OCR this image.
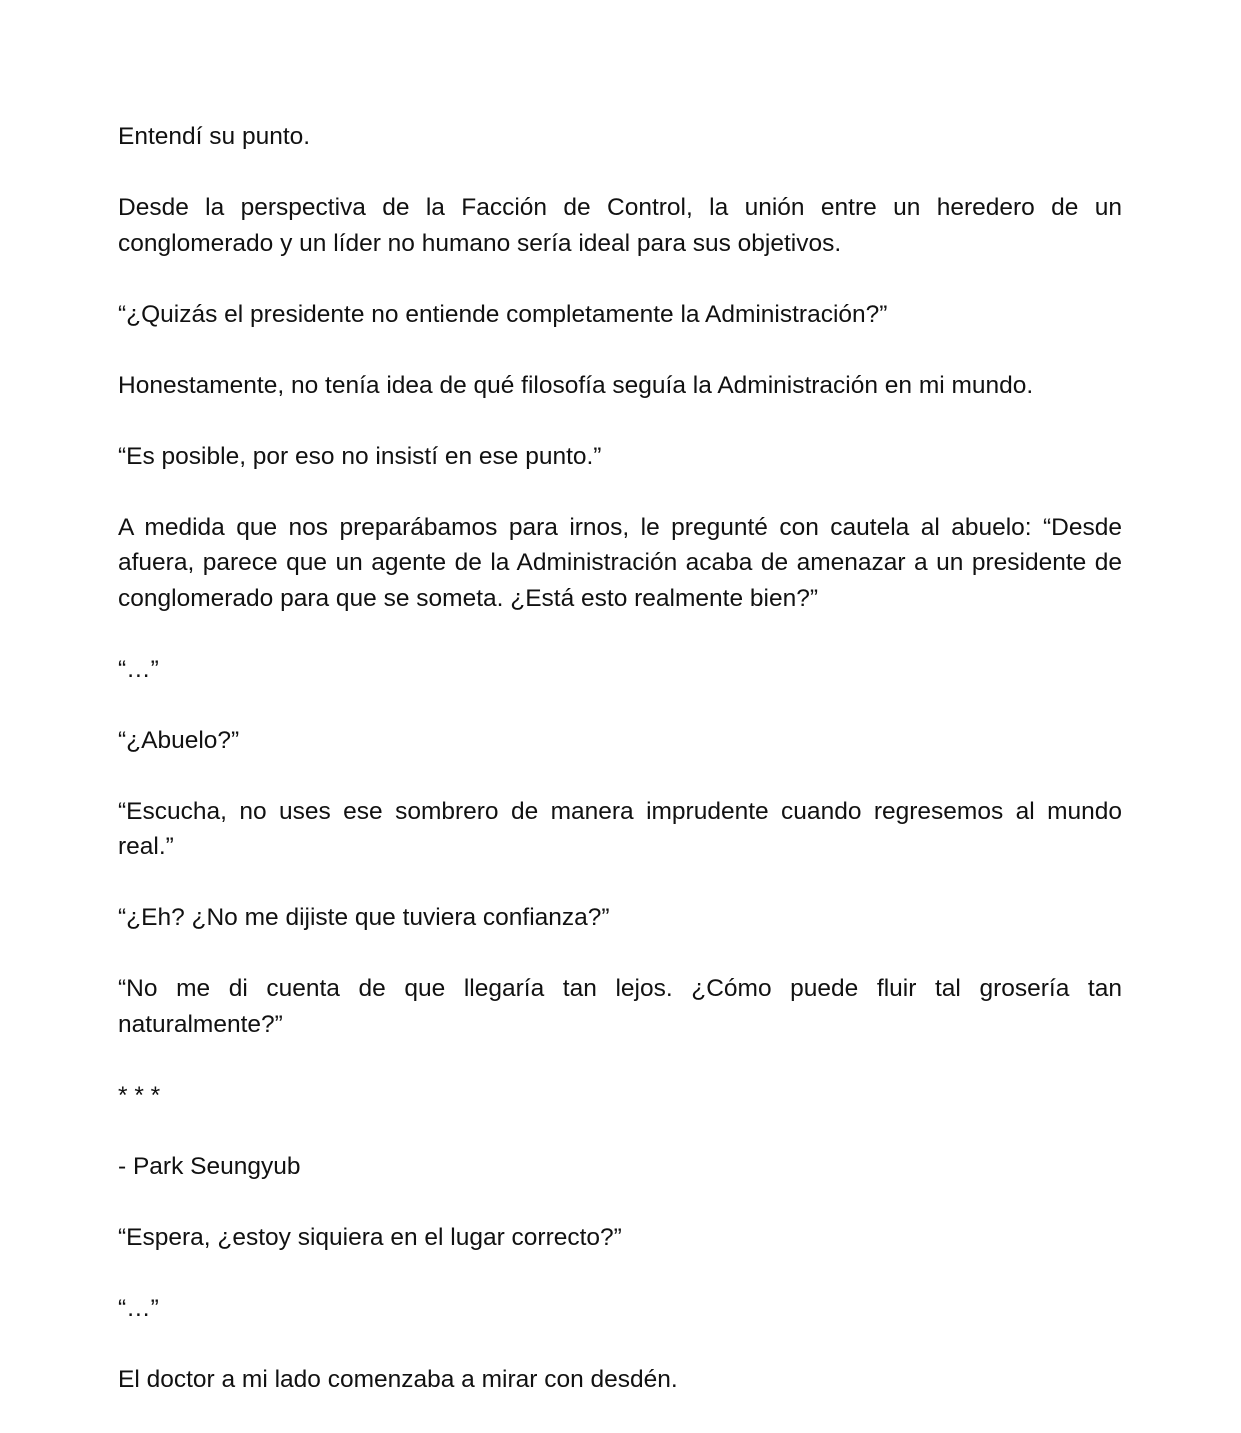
Entendí su punto.

Desde la perspectiva de la Facción de Control, la unión entre un heredero de un conglomerado y un líder no humano sería ideal para sus objetivos.

“¿Quizás el presidente no entiende completamente la Administración?”

Honestamente, no tenía idea de qué filosofía seguía la Administración en mi mundo.

“Es posible, por eso no insistí en ese punto.”

A medida que nos preparábamos para irnos, le pregunté con cautela al abuelo: “Desde afuera, parece que un agente de la Administración acaba de amenazar a un presidente de conglomerado para que se someta. ¿Está esto realmente bien?”

“…”

“¿Abuelo?”

“Escucha, no uses ese sombrero de manera imprudente cuando regresemos al mundo real.”

“¿Eh? ¿No me dijiste que tuviera confianza?”

“No me di cuenta de que llegaría tan lejos. ¿Cómo puede fluir tal grosería tan naturalmente?”

* * *

- Park Seungyub

“Espera, ¿estoy siquiera en el lugar correcto?”

“…”

El doctor a mi lado comenzaba a mirar con desdén.
